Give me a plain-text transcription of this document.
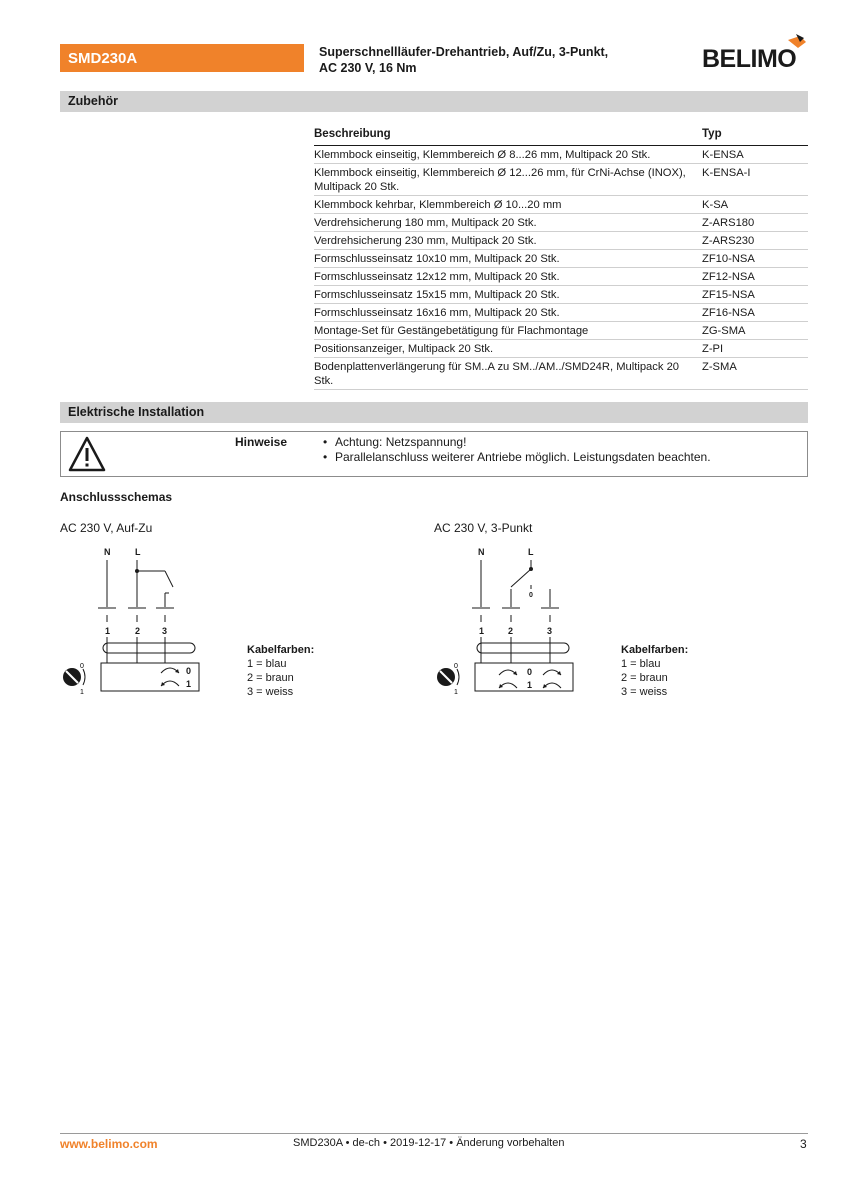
SMD230A	Superschnellläufer-Drehantrieb, Auf/Zu, 3-Punkt,
AC 230 V, 16 Nm	BELIMO
Zubehör
Beschreibung	Typ
Klemmbock einseitig, Klemmbereich Ø 8...26 mm, Multipack 20 Stk.	K-ENSA
Klemmbock einseitig, Klemmbereich Ø 12...26 mm, für CrNi-Achse (INOX), Multipack 20 Stk.
K-ENSA-I
Klemmbock kehrbar, Klemmbereich Ø 10...20 mm	K-SA
Verdrehsicherung 180 mm, Multipack 20 Stk.	Z-ARS180
Verdrehsicherung 230 mm, Multipack 20 Stk.	Z-ARS230
Formschlusseinsatz 10x10 mm, Multipack 20 Stk.	ZF10-NSA
Formschlusseinsatz 12x12 mm, Multipack 20 Stk.	ZF12-NSA
Formschlusseinsatz 15x15 mm, Multipack 20 Stk.	ZF15-NSA
Formschlusseinsatz 16x16 mm, Multipack 20 Stk.	ZF16-NSA
Montage-Set für Gestängebetätigung für Flachmontage	ZG-SMA
Positionsanzeiger, Multipack 20 Stk.	Z-PI
Bodenplattenverlängerung für SM..A zu SM../AM../SMD24R, Multipack 20 Stk.
Z-SMA
Elektrische Installation
Hinweise
•	Achtung: Netzspannung!
• Parallelanschluss weiterer Antriebe möglich. Leistungsdaten beachten.
Anschlussschemas
AC 230 V, Auf-Zu
N	L
1	2 3
0
1
0
1
Kabelfarben:
1 = blau
2 = braun
3 = weiss
AC 230 V, 3-Punkt
N	L
1	2	3
0
1
0
0
1
Kabelfarben:
1 = blau
2 = braun
3 = weiss
www.belimo.com	SMD230A • de-ch • 2019-12-17 • Änderung vorbehalten	3
